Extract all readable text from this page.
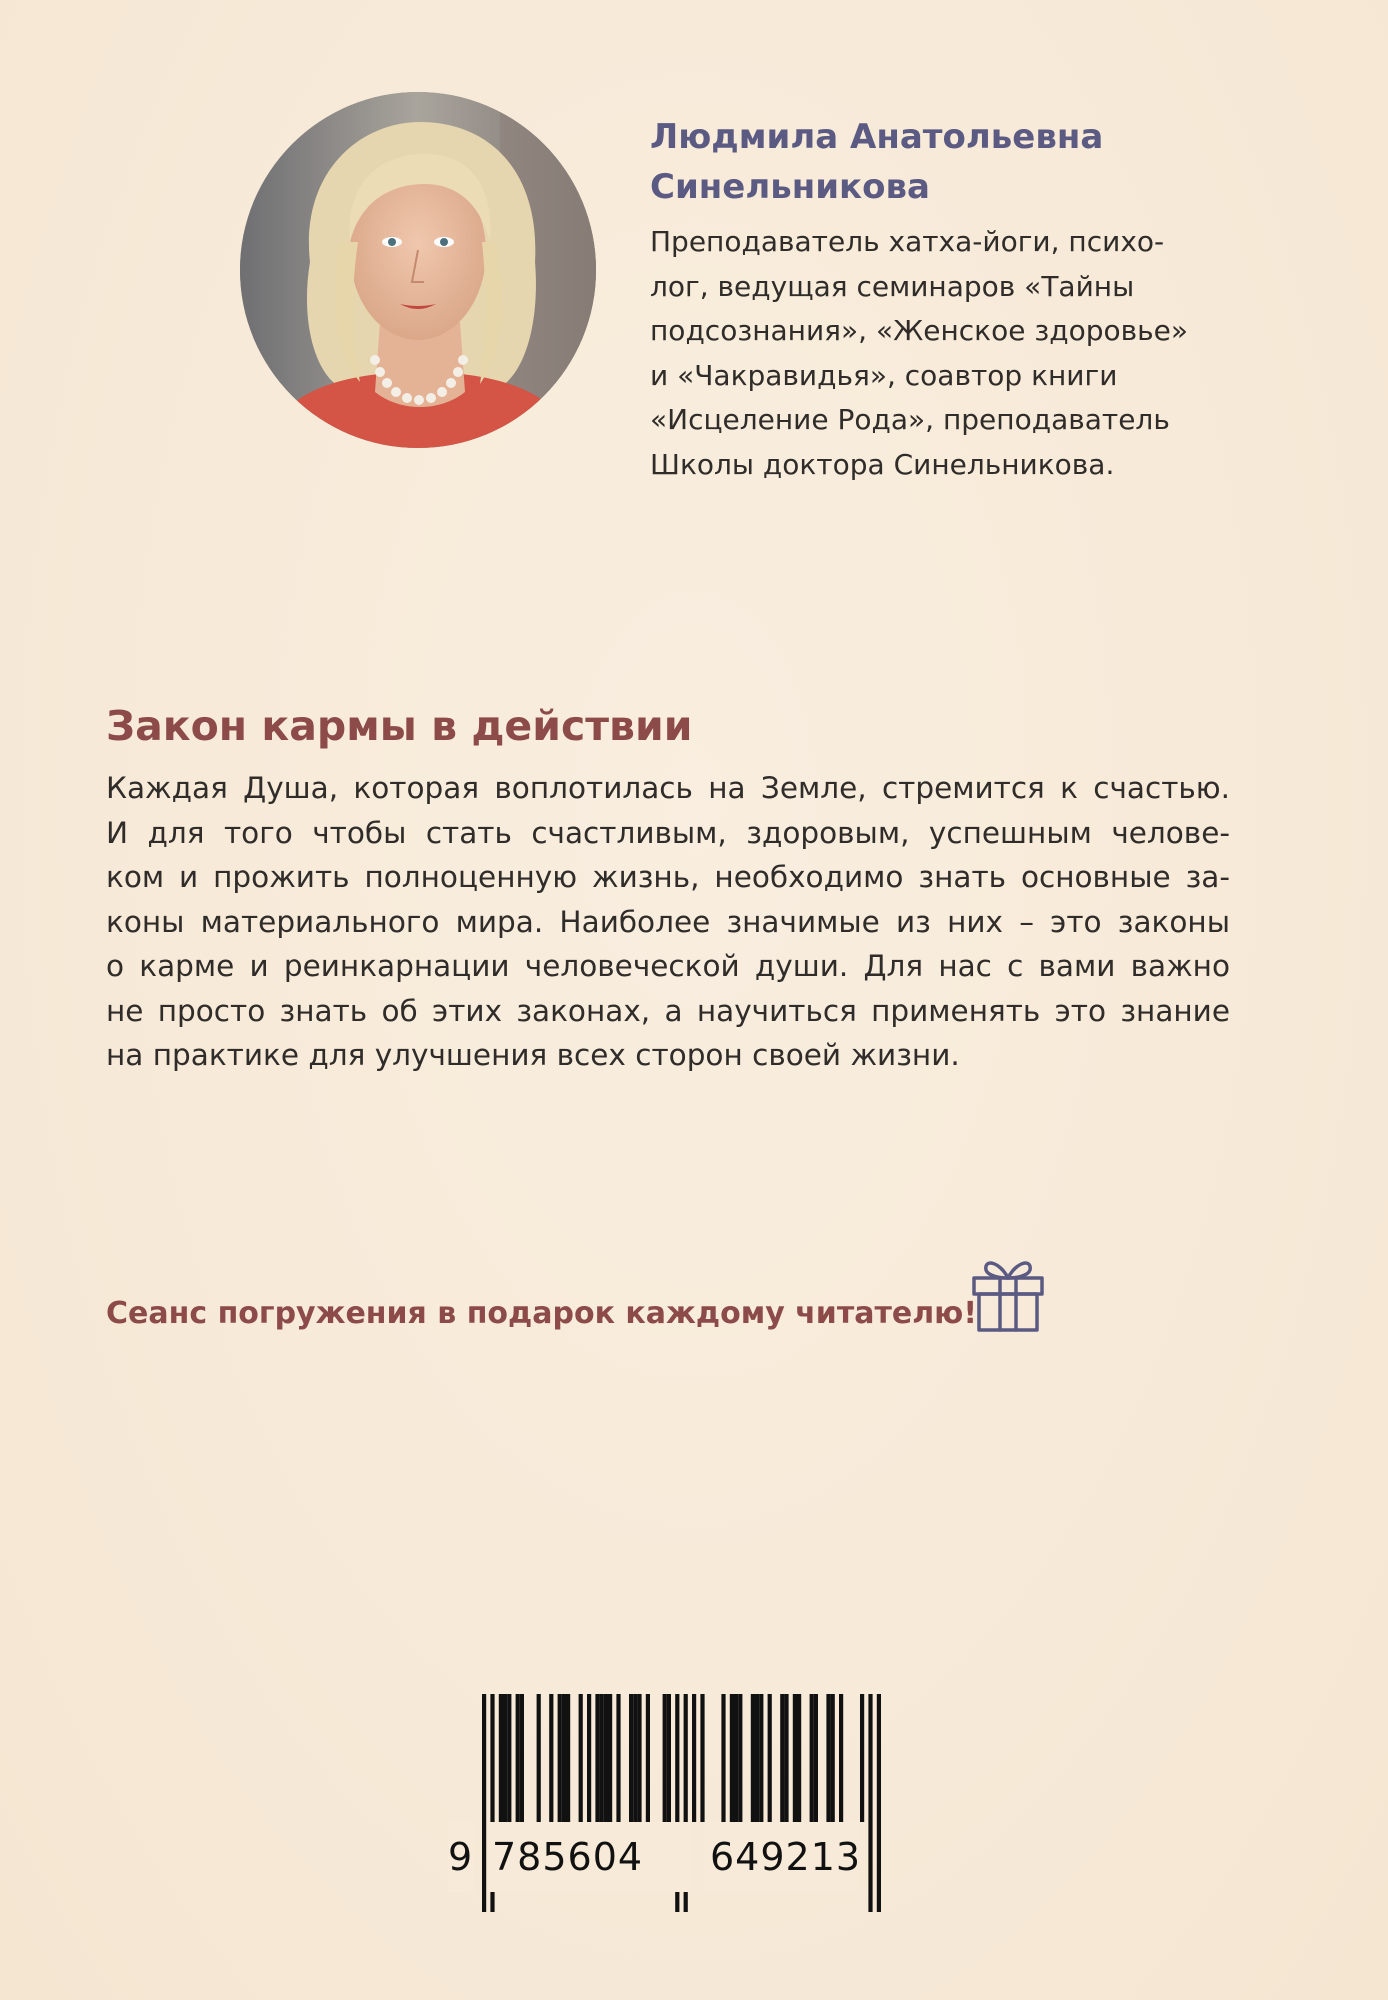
Людмила Анатольевна
Синельникова
Преподаватель хатха-йоги, психо-
лог, ведущая семинаров «Тайны
подсознания», «Женское здоровье»
и «Чакравидья», соавтор книги
«Исцеление Рода», преподаватель
Школы доктора Синельникова.
Закон кармы в действии
Каждая Душа, которая воплотилась на Земле, стремится к счастью.
И для того чтобы стать счастливым, здоровым, успешным челове-
ком и прожить полноценную жизнь, необходимо знать основные за-
коны материального мира. Наиболее значимые из них – это законы
о карме и реинкарнации человеческой души. Для нас с вами важно
не просто знать об этих законах, а научиться применять это знание
на практике для улучшения всех сторон своей жизни.
Сеанс погружения в подарок каждому читателю!
9 785604	649213
